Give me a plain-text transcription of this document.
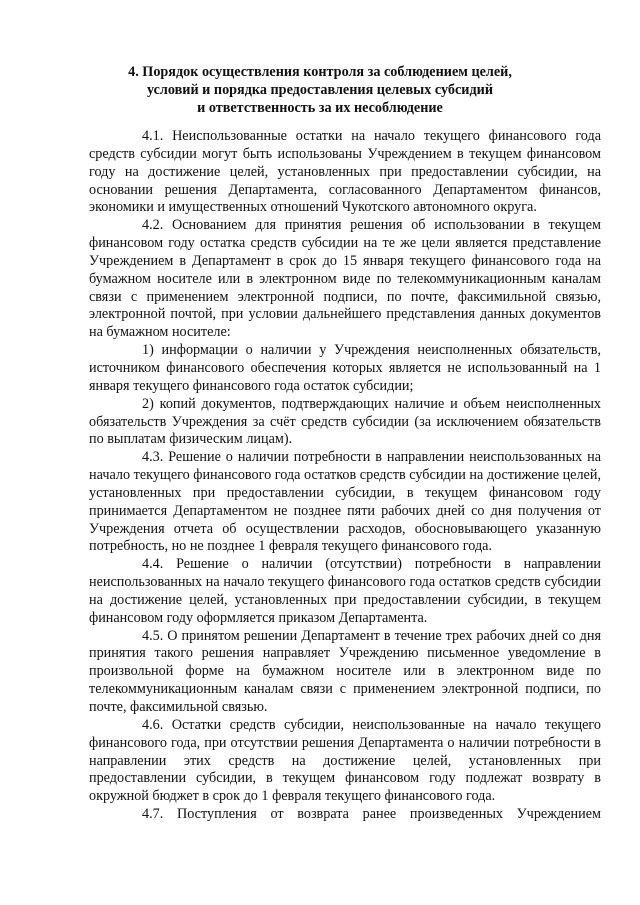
4. Порядок осуществления контроля за соблюдением целей,
условий и порядка предоставления целевых субсидий
и ответственность за их несоблюдение

4.1. Неиспользованные остатки на начало текущего финансового года средств субсидии могут быть использованы Учреждением в текущем финансовом году на достижение целей, установленных при предоставлении субсидии, на основании решения Департамента, согласованного Департаментом финансов, экономики и имущественных отношений Чукотского автономного округа.

4.2. Основанием для принятия решения об использовании в текущем финансовом году остатка средств субсидии на те же цели является представление Учреждением в Департамент в срок до 15 января текущего финансового года на бумажном носителе или в электронном виде по телекоммуникационным каналам связи с применением электронной подписи, по почте, факсимильной связью, электронной почтой, при условии дальнейшего представления данных документов на бумажном носителе:

1) информации о наличии у Учреждения неисполненных обязательств, источником финансового обеспечения которых является не использованный на 1 января текущего финансового года остаток субсидии;

2) копий документов, подтверждающих наличие и объем неисполненных обязательств Учреждения за счёт средств субсидии (за исключением обязательств по выплатам физическим лицам).

4.3. Решение о наличии потребности в направлении неиспользованных на начало текущего финансового года остатков средств субсидии на достижение целей, установленных при предоставлении субсидии, в текущем финансовом году принимается Департаментом не позднее пяти рабочих дней со дня получения от Учреждения отчета об осуществлении расходов, обосновывающего указанную потребность, но не позднее 1 февраля текущего финансового года.

4.4. Решение о наличии (отсутствии) потребности в направлении неиспользованных на начало текущего финансового года остатков средств субсидии на достижение целей, установленных при предоставлении субсидии, в текущем финансовом году оформляется приказом Департамента.

4.5. О принятом решении Департамент в течение трех рабочих дней со дня принятия такого решения направляет Учреждению письменное уведомление в произвольной форме на бумажном носителе или в электронном виде по телекоммуникационным каналам связи с применением электронной подписи, по почте, факсимильной связью.

4.6. Остатки средств субсидии, неиспользованные на начало текущего финансового года, при отсутствии решения Департамента о наличии потребности в направлении этих средств на достижение целей, установленных при предоставлении субсидии, в текущем финансовом году подлежат возврату в окружной бюджет в срок до 1 февраля текущего финансового года.

4.7. Поступления от возврата ранее произведенных Учреждением
